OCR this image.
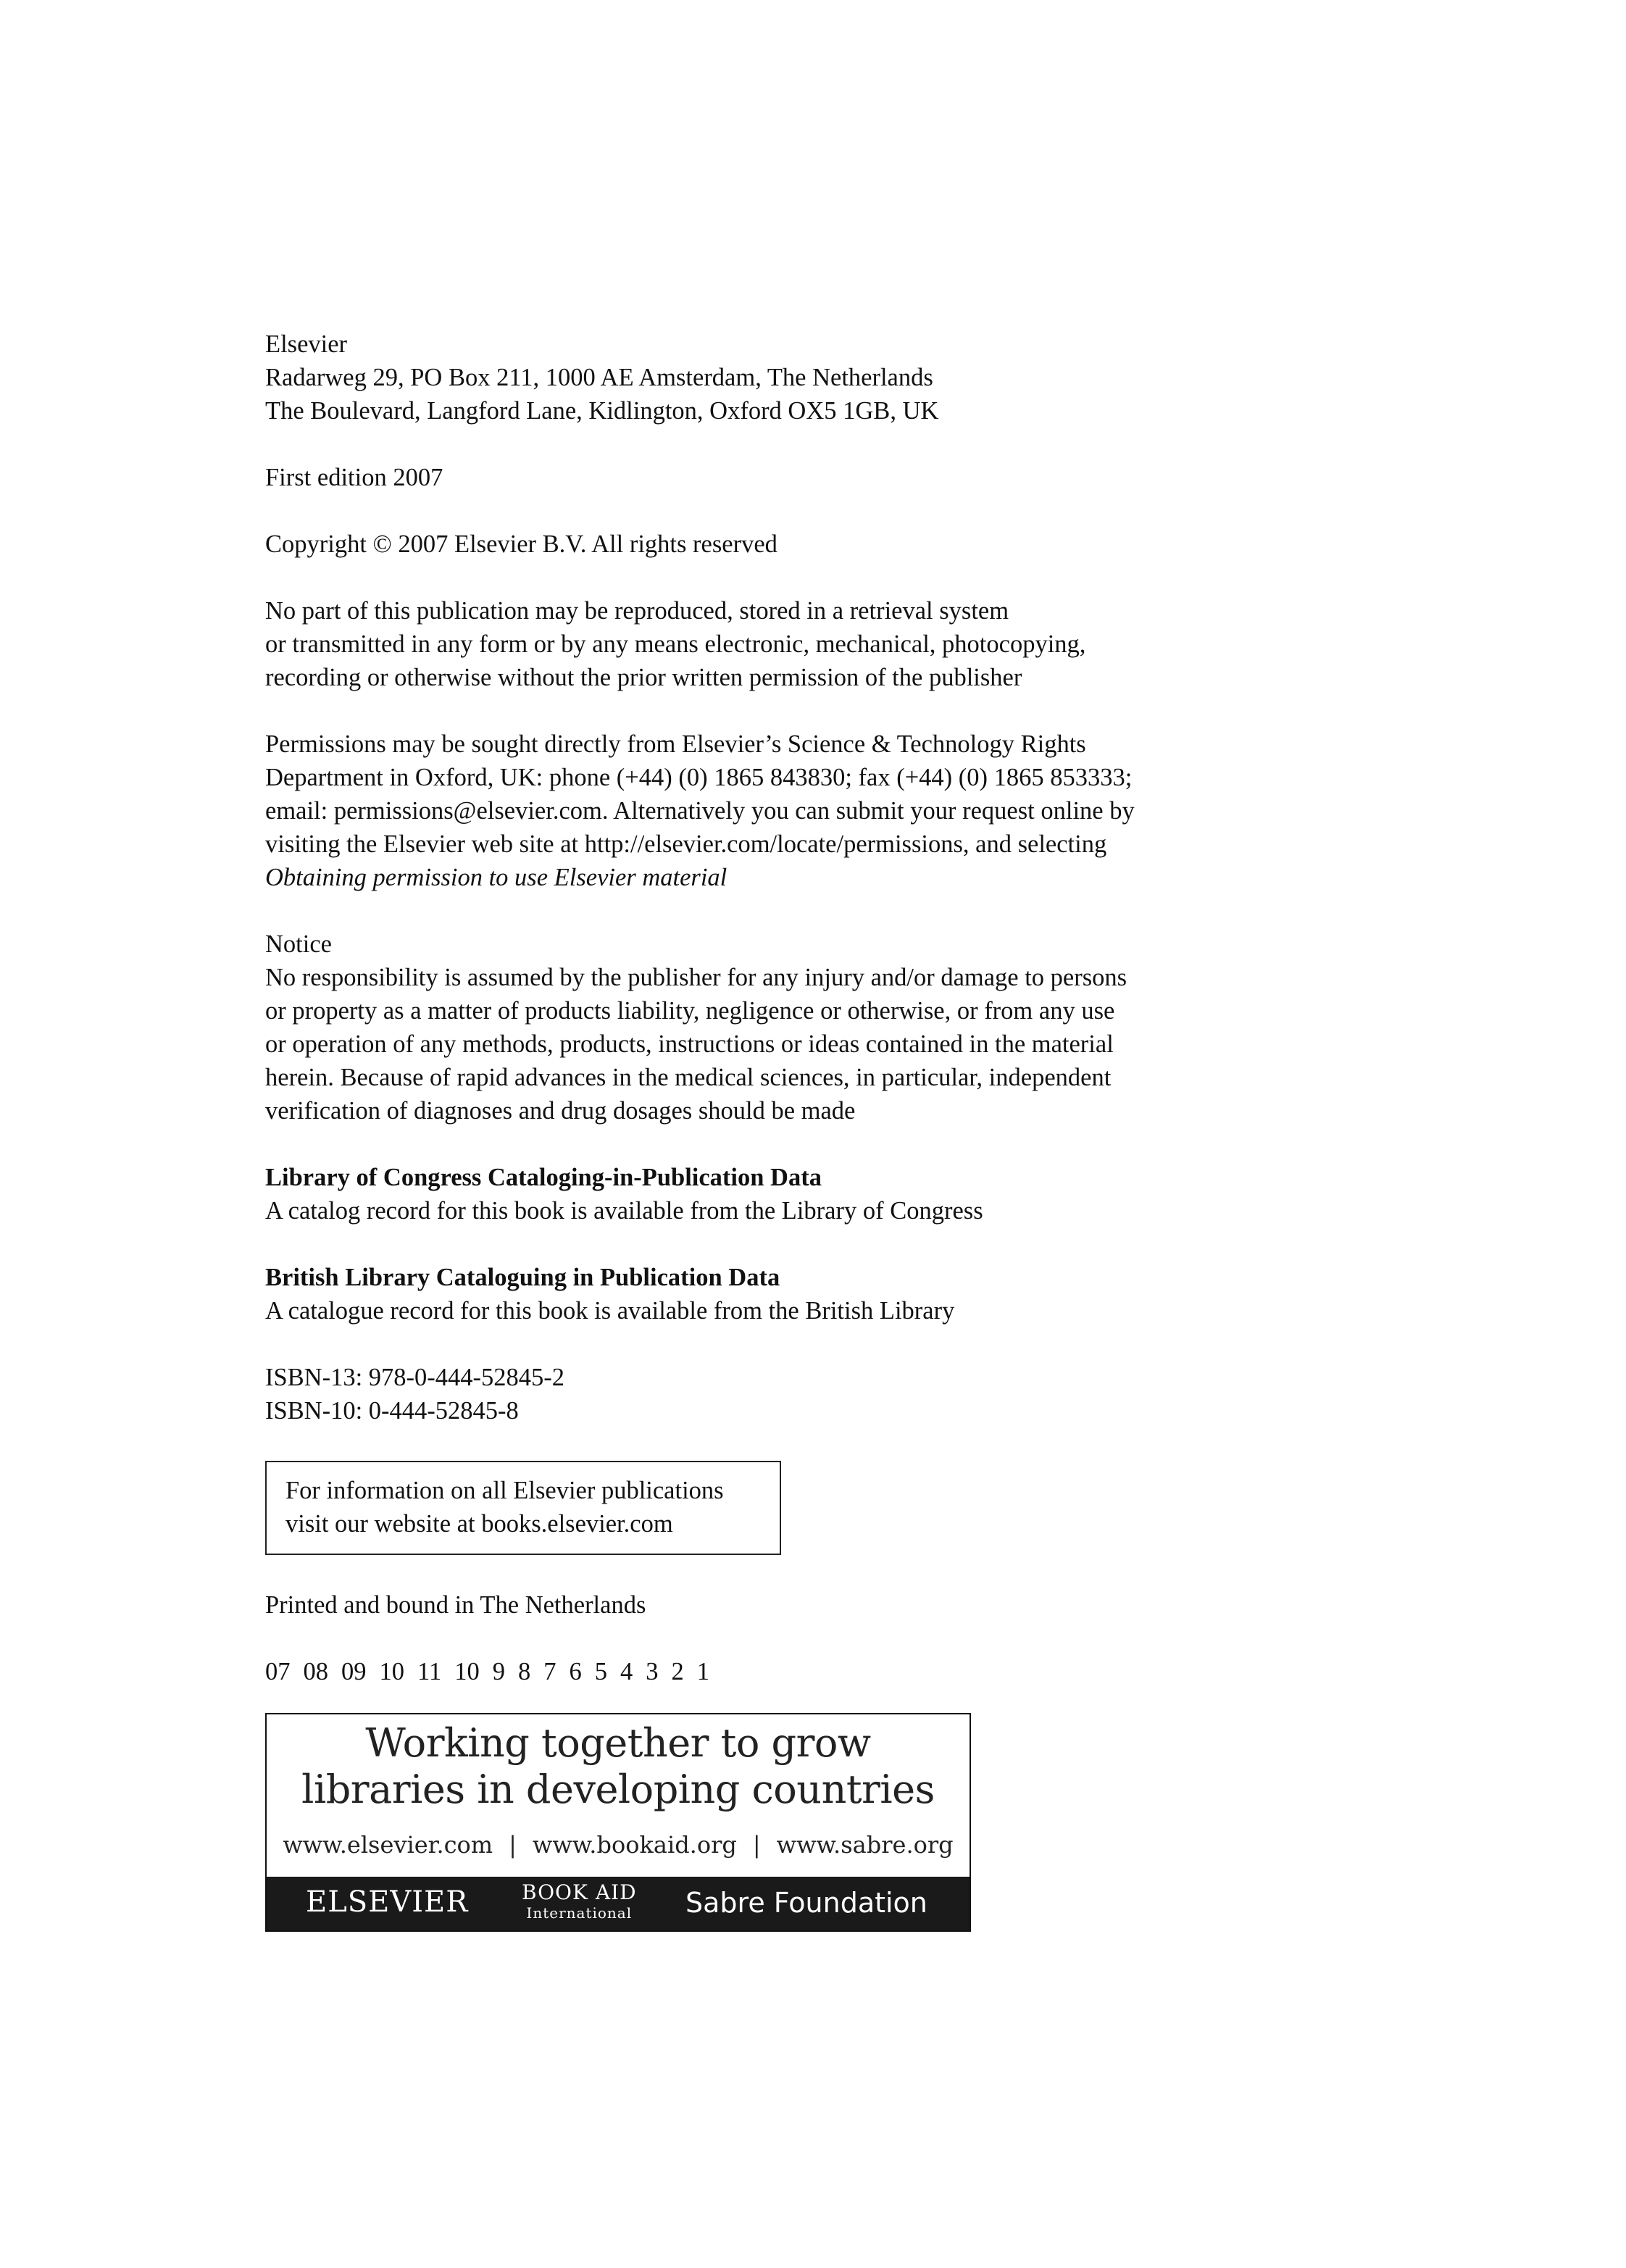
Elsevier
Radarweg 29, PO Box 211, 1000 AE Amsterdam, The Netherlands
The Boulevard, Langford Lane, Kidlington, Oxford OX5 1GB, UK
First edition 2007
Copyright © 2007 Elsevier B.V. All rights reserved
No part of this publication may be reproduced, stored in a retrieval system
or transmitted in any form or by any means electronic, mechanical, photocopying,
recording or otherwise without the prior written permission of the publisher
Permissions may be sought directly from Elsevier’s Science & Technology Rights
Department in Oxford, UK: phone (+44) (0) 1865 843830; fax (+44) (0) 1865 853333;
email: permissions@elsevier.com. Alternatively you can submit your request online by
visiting the Elsevier web site at http://elsevier.com/locate/permissions, and selecting
Obtaining permission to use Elsevier material
Notice
No responsibility is assumed by the publisher for any injury and/or damage to persons
or property as a matter of products liability, negligence or otherwise, or from any use
or operation of any methods, products, instructions or ideas contained in the material
herein. Because of rapid advances in the medical sciences, in particular, independent
verification of diagnoses and drug dosages should be made
Library of Congress Cataloging-in-Publication Data
A catalog record for this book is available from the Library of Congress
British Library Cataloguing in Publication Data
A catalogue record for this book is available from the British Library
ISBN-13: 978-0-444-52845-2
ISBN-10: 0-444-52845-8
For information on all Elsevier publications
visit our website at books.elsevier.com
Printed and bound in The Netherlands
07 08 09 10 11 10 9 8 7 6 5 4 3 2 1
Working together to grow
libraries in developing countries
www.elsevier.com | www.bookaid.org | www.sabre.org
ELSEVIER	BOOK AID
International Sabre Foundation
